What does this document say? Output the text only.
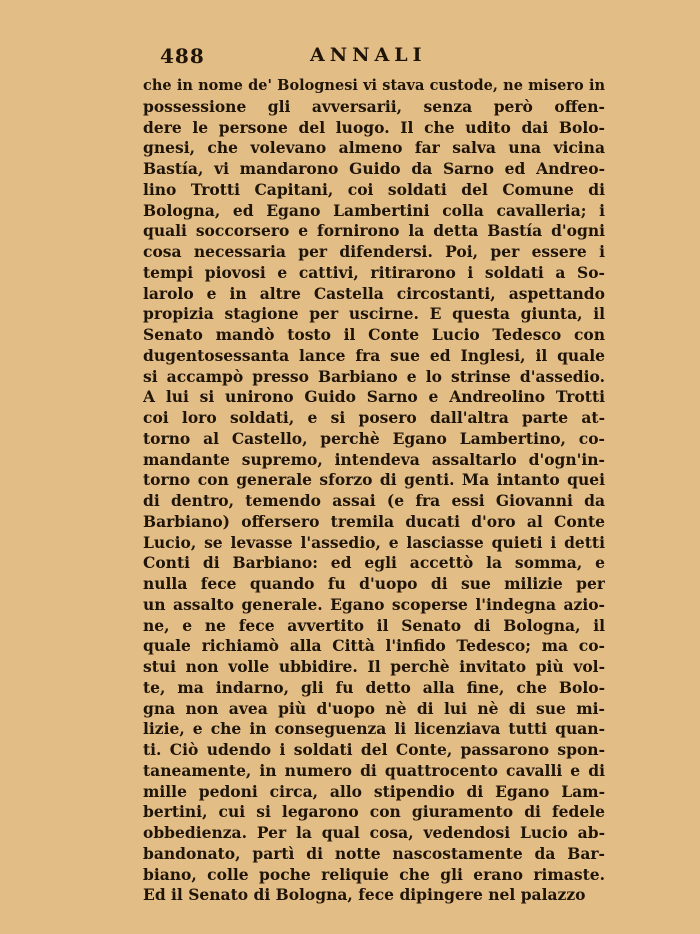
488	ANNALI
che in nome de' Bolognesi vi stava custode, ne misero in
possessione gli avversarii, senza però offen-
dere le persone del luogo. Il che udito dai Bolo-
gnesi, che volevano almeno far salva una vicina
Bastía, vi mandarono Guido da Sarno ed Andreo-
lino Trotti Capitani, coi soldati del Comune di
Bologna, ed Egano Lambertini colla cavalleria; i
quali soccorsero e fornirono la detta Bastía d'ogni
cosa necessaria per difendersi. Poi, per essere i
tempi piovosi e cattivi, ritirarono i soldati a So-
larolo e in altre Castella circostanti, aspettando
propizia stagione per uscirne. E questa giunta, il
Senato mandò tosto il Conte Lucio Tedesco con
dugentosessanta lance fra sue ed Inglesi, il quale
si accampò presso Barbiano e lo strinse d'assedio.
A lui si unirono Guido Sarno e Andreolino Trotti
coi loro soldati, e si posero dall'altra parte at-
torno al Castello, perchè Egano Lambertino, co-
mandante supremo, intendeva assaltarlo d'ogn'in-
torno con generale sforzo di genti. Ma intanto quei
di dentro, temendo assai (e fra essi Giovanni da
Barbiano) offersero tremila ducati d'oro al Conte
Lucio, se levasse l'assedio, e lasciasse quieti i detti
Conti di Barbiano: ed egli accettò la somma, e
nulla fece quando fu d'uopo di sue milizie per
un assalto generale. Egano scoperse l'indegna azio-
ne, e ne fece avvertito il Senato di Bologna, il
quale richiamò alla Città l'infido Tedesco; ma co-
stui non volle ubbidire. Il perchè invitato più vol-
te, ma indarno, gli fu detto alla fine, che Bolo-
gna non avea più d'uopo nè di lui nè di sue mi-
lizie, e che in conseguenza li licenziava tutti quan-
ti. Ciò udendo i soldati del Conte, passarono spon-
taneamente, in numero di quattrocento cavalli e di
mille pedoni circa, allo stipendio di Egano Lam-
bertini, cui si legarono con giuramento di fedele
obbedienza. Per la qual cosa, vedendosi Lucio ab-
bandonato, partì di notte nascostamente da Bar-
biano, colle poche reliquie che gli erano rimaste.
Ed il Senato di Bologna, fece dipingere nel palazzo
